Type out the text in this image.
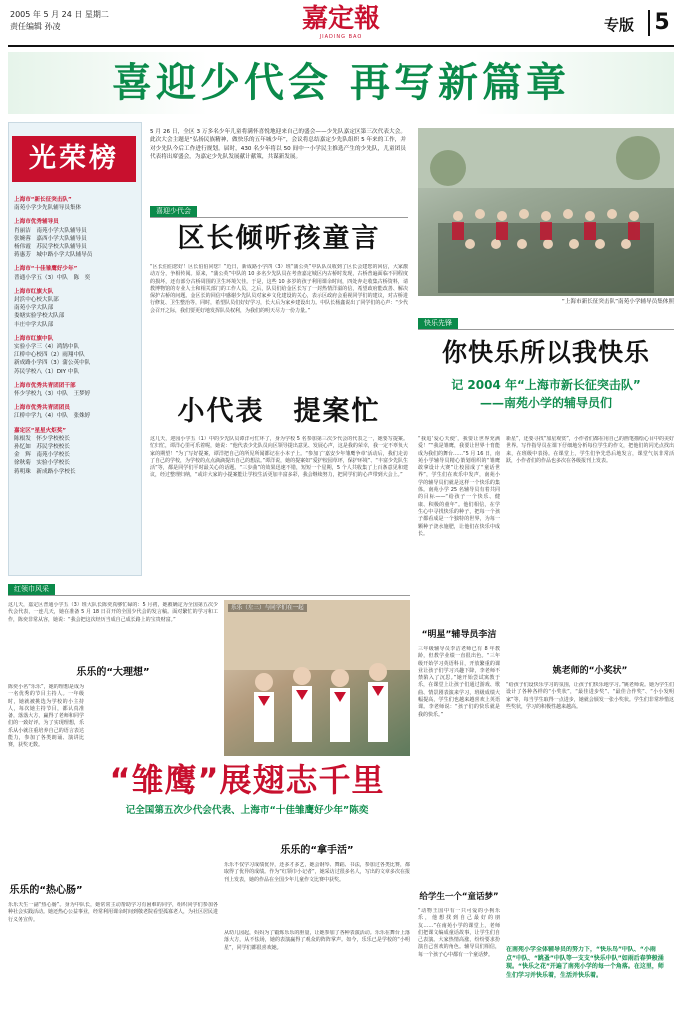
2005 年 5 月 24 日 星期二
责任编辑 孙凌	嘉定報
JIADING BAO
专版 5
喜迎少代会 再写新篇章
光荣榜
上海市“新长征突击队”
南苑小学少先队辅导员集体
上海市优秀辅导员
肖丽洁　南苑小学大队辅导员
张婉蓉　嘉西小学大队辅导员
杨伟霞　苏民学校大队辅导员
蒋惠芳　城中路小学大队辅导员
上海市“十佳雏鹰好少年”
普通小学五（3）中队　陈　奕
上海市红旗大队
封浜中心校大队部
南苑小学大队部
娄塘实验学校大队部
丰庄中学大队部
上海市红旗中队
实验小学三（4）鸿鹄中队
江桥中心校四（2）雨翔中队
新成路小学四（3）蒲公英中队
苏民学校八（1）DIY 中队
上海市优秀共青团团干部
怀少学校九（3）中队　王梦婷
上海市优秀共青团团员
江桥中学九（4）中队　张姝婷
嘉定区“星星火炬奖”
陈根发　怀少学校校长
孙忆如　苏民学校校长
金　辉　南苑小学校长
徐秋菊　实验小学校长
蒋明珠　新成路小学校长
5 月 26 日，全区 3 万多名少年儿童将满怀喜悦地迎来自己的盛会——少先队嘉定区第三次代表大会。此次大会主题是“弘扬民族精神，做快乐的五年城少年”，会议将总结嘉定少先队组织 5 年来的工作，并对少先队今后工作进行规划。届时，430 名少年将以 50 间中一小学民主推选产生的少先队，儿童团员代表将出席盛会，为嘉定少先队发展献计献策，共谋新发展。
喜迎少代会
区长倾听孩童言
“区长伯伯您好！区长伯伯同您！”近日，新成路小学四（3）班“蒲公英”中队队员收到了区长会建您的回信，大家激动万分，争相传阅。原来，“蒲公英”中队的 10 多名少先队员在考查嘉定城区内古桥时发现，古桥普遍面临不同程度的损坏，还有部分古桥周围的卫生环境欠佳。于是，这些 10 多岁的孩子利用课余时间，四处奔走收集古桥资料，请教博物馆的专业人士和相关部门的工作人员，之后，队员们给金区长写了一封热情洋溢的信，希望政府能改善、解决保护古桥的问题。金区长的回信中感谢少先队员对家乡文化建设的关心，表示区政府会重视同学们的建议，对古桥进行修复、卫生整治等，同时，希望队员们好好学习，长大后为家乡建设出力。中队长杨鑫说出了同学们的心声：“少代会召开之际，我们要更好地发挥队员权利，为我们的明天尽力一份力量。”
小代表　提案忙
这几天，迎园小学五（1）中的少先队员谭洋可忙坏了，身为学校 5 名参加第三次少代会的代表之一，她要写提案。忙归忙，谭洋心里可乐着呢，她说：“他代表少先队员向区领导提出意见、发展心声，这是我的荣幸，我一定不辜负大家的期望！”为了写好提案，谭洋把自己的所见所闻都记在小本子上。“参加了‘嘉安少年雏鹰争章’活动后，我们走访了自己的学校，为学校的点点滴滴提出自己的想法。”谭洋说，她的提案如“爱护校园草坪，保护环境”、“丰富少先队生活”等，都是同学们平时最关心的话题。“三步曲”的效果迅速不错，短短一个星期，5 个人共收集了上百条意见和建议，经过整理归纳，“或许大家的小提案能让学校生活更加丰富多彩，我会继续努力，把同学们的心声带到大会上。”
“上海市新长征突击队”南苑小学辅导员集体照
快乐先锋
你快乐所以我快乐
记 2004 年“上海市新长征突击队”
——南苑小学的辅导员们
“我追‘爱心天使’，我要让世界充满爱！”“我是雏鹰，我要让世界十育能成为我们的舞台……”5 月 16 日，南苑小学辅导员精心策划组织的“雏鹰敢拿设计大赛”让校园成了“童话世界”，学生们在欢乐中发声，南苑小学的辅导员们就是这样一个快乐的集体。南苑小学 25 名辅导员有着共同的目标——“给孩子一个快乐、健康、积极的童年”。他们相信，在学生心中寻找快乐的种子，把每一个孩子都看成是一个独特的世界，为每一颗种子浇水施肥，让他们在快乐中成长。
“明星”辅导员李洁
三年级辅导员李洁老师已有 8 年教龄，但教学业绩一直很出色。“三年级开始学习英语科目，开放繁重的课业让孩子们学习兴趣下降，李老师不禁陷入了沉思。”她开始尝试寓教于乐，在课堂上让孩子们通过游戏、歌曲、情景剧表演来学习，班级成绩大幅提高，学生们也越来越喜欢上英语课。李老师说：“孩子们的快乐就是我的快乐。”
给学生一个“童话梦”
“动物王国中有一只可爱的小狗乐乐，他想找到自己最好的朋友……”在南苑小学的课堂上，老师们把课文编成童话故事，让学生们自己表演。大家热情高涨，纷纷要求扮演自己喜欢的角色。辅导员们相信，每一个孩子心中都有一个童话梦。
新星”，还要寻找“加星观赏”，小作者们都在用自己的画笔描绘心目中的美好世界。写作指导员在课下仔细地分析每位学生的作文，把他们的闪光点找出来，在班级中表扬。在课堂上，学生们争先恐后地发言，课堂气氛非常活跃，小作者们的作品也多次在各级报刊上发表。
姚老师的“小奖状”
“给孩子们设快乐学习的氛围，让孩子们快乐地学习。”姚老师说。她为学生们设计了各种各样的“小奖状”，“最佳进步奖”、“最佳合作奖”、“小小发明家”等，每当学生取得一点进步，她就会颁发一张小奖状。学生们非常珍惜这些奖状，学习的积极性越来越高。
在南苑小学全体辅导员的努力下，“快乐鸟”中队、“小雨点”中队、“跳蚤”中队等一支支“快乐中队”如雨后春笋般涌现。“快乐之花”开遍了南苑小学的每一个角落。在这里，师生们学习并快乐着，生活并快乐着。
红领巾风采
这几天，嘉定区普通小学五（3）班大队长陈奕真够忙碌的：5 月初，她被确定为全国第五次少代会代表，一连几天，她在准备 5 月 18 日召开的全国少代会的发言稿。面对繁忙的学习和工作，陈奕非常从容，她说：“我会把这次经历当成自己成长路上的宝贵财富。”
乐乐（左三）与同学们在一起
乐乐的“大理想”
陈奕小名“乐乐”，她的理想是成为一名优秀的节目主持人。一年级时，她就被挑选为学校的小主持人，每次她主持节目，都认真准备，落落大方，赢得了老师和同学们的一致好评。为了实现理想，乐乐从小就注重培养自己的语言表达能力，参加了各类朗诵、演讲比赛，获奖无数。
“雏鹰”展翅志千里
记全国第五次少代会代表、上海市“十佳雏鹰好少年”陈奕
乐乐的“热心肠”
乐乐天生一副“热心肠”。身为中队长，她常常主动帮助学习有困难的同学，组织同学们参加各种社会实践活动。她还热心公益事业，经常利用课余时间到敬老院看望孤寡老人，为社区居民进行义务宣传。
乐乐的“拿手活”
乐乐不仅学习成绩优异，还多才多艺，她会钢琴、舞蹈、书法，参加过各类比赛，都取得了优异的成绩。作为“红领巾小记者”，她采访过很多名人，写出的文章多次在报刊上发表，她的作品在全国少年儿童作文比赛中获奖。
从幼儿园起，妈妈为了锻炼乐乐的胆量，让她参加了各种表演活动。乐乐在舞台上落落大方，从不怯场，她的表演赢得了观众的阵阵掌声。如今，乐乐已是学校的“小明星”，同学们都很喜欢她。
